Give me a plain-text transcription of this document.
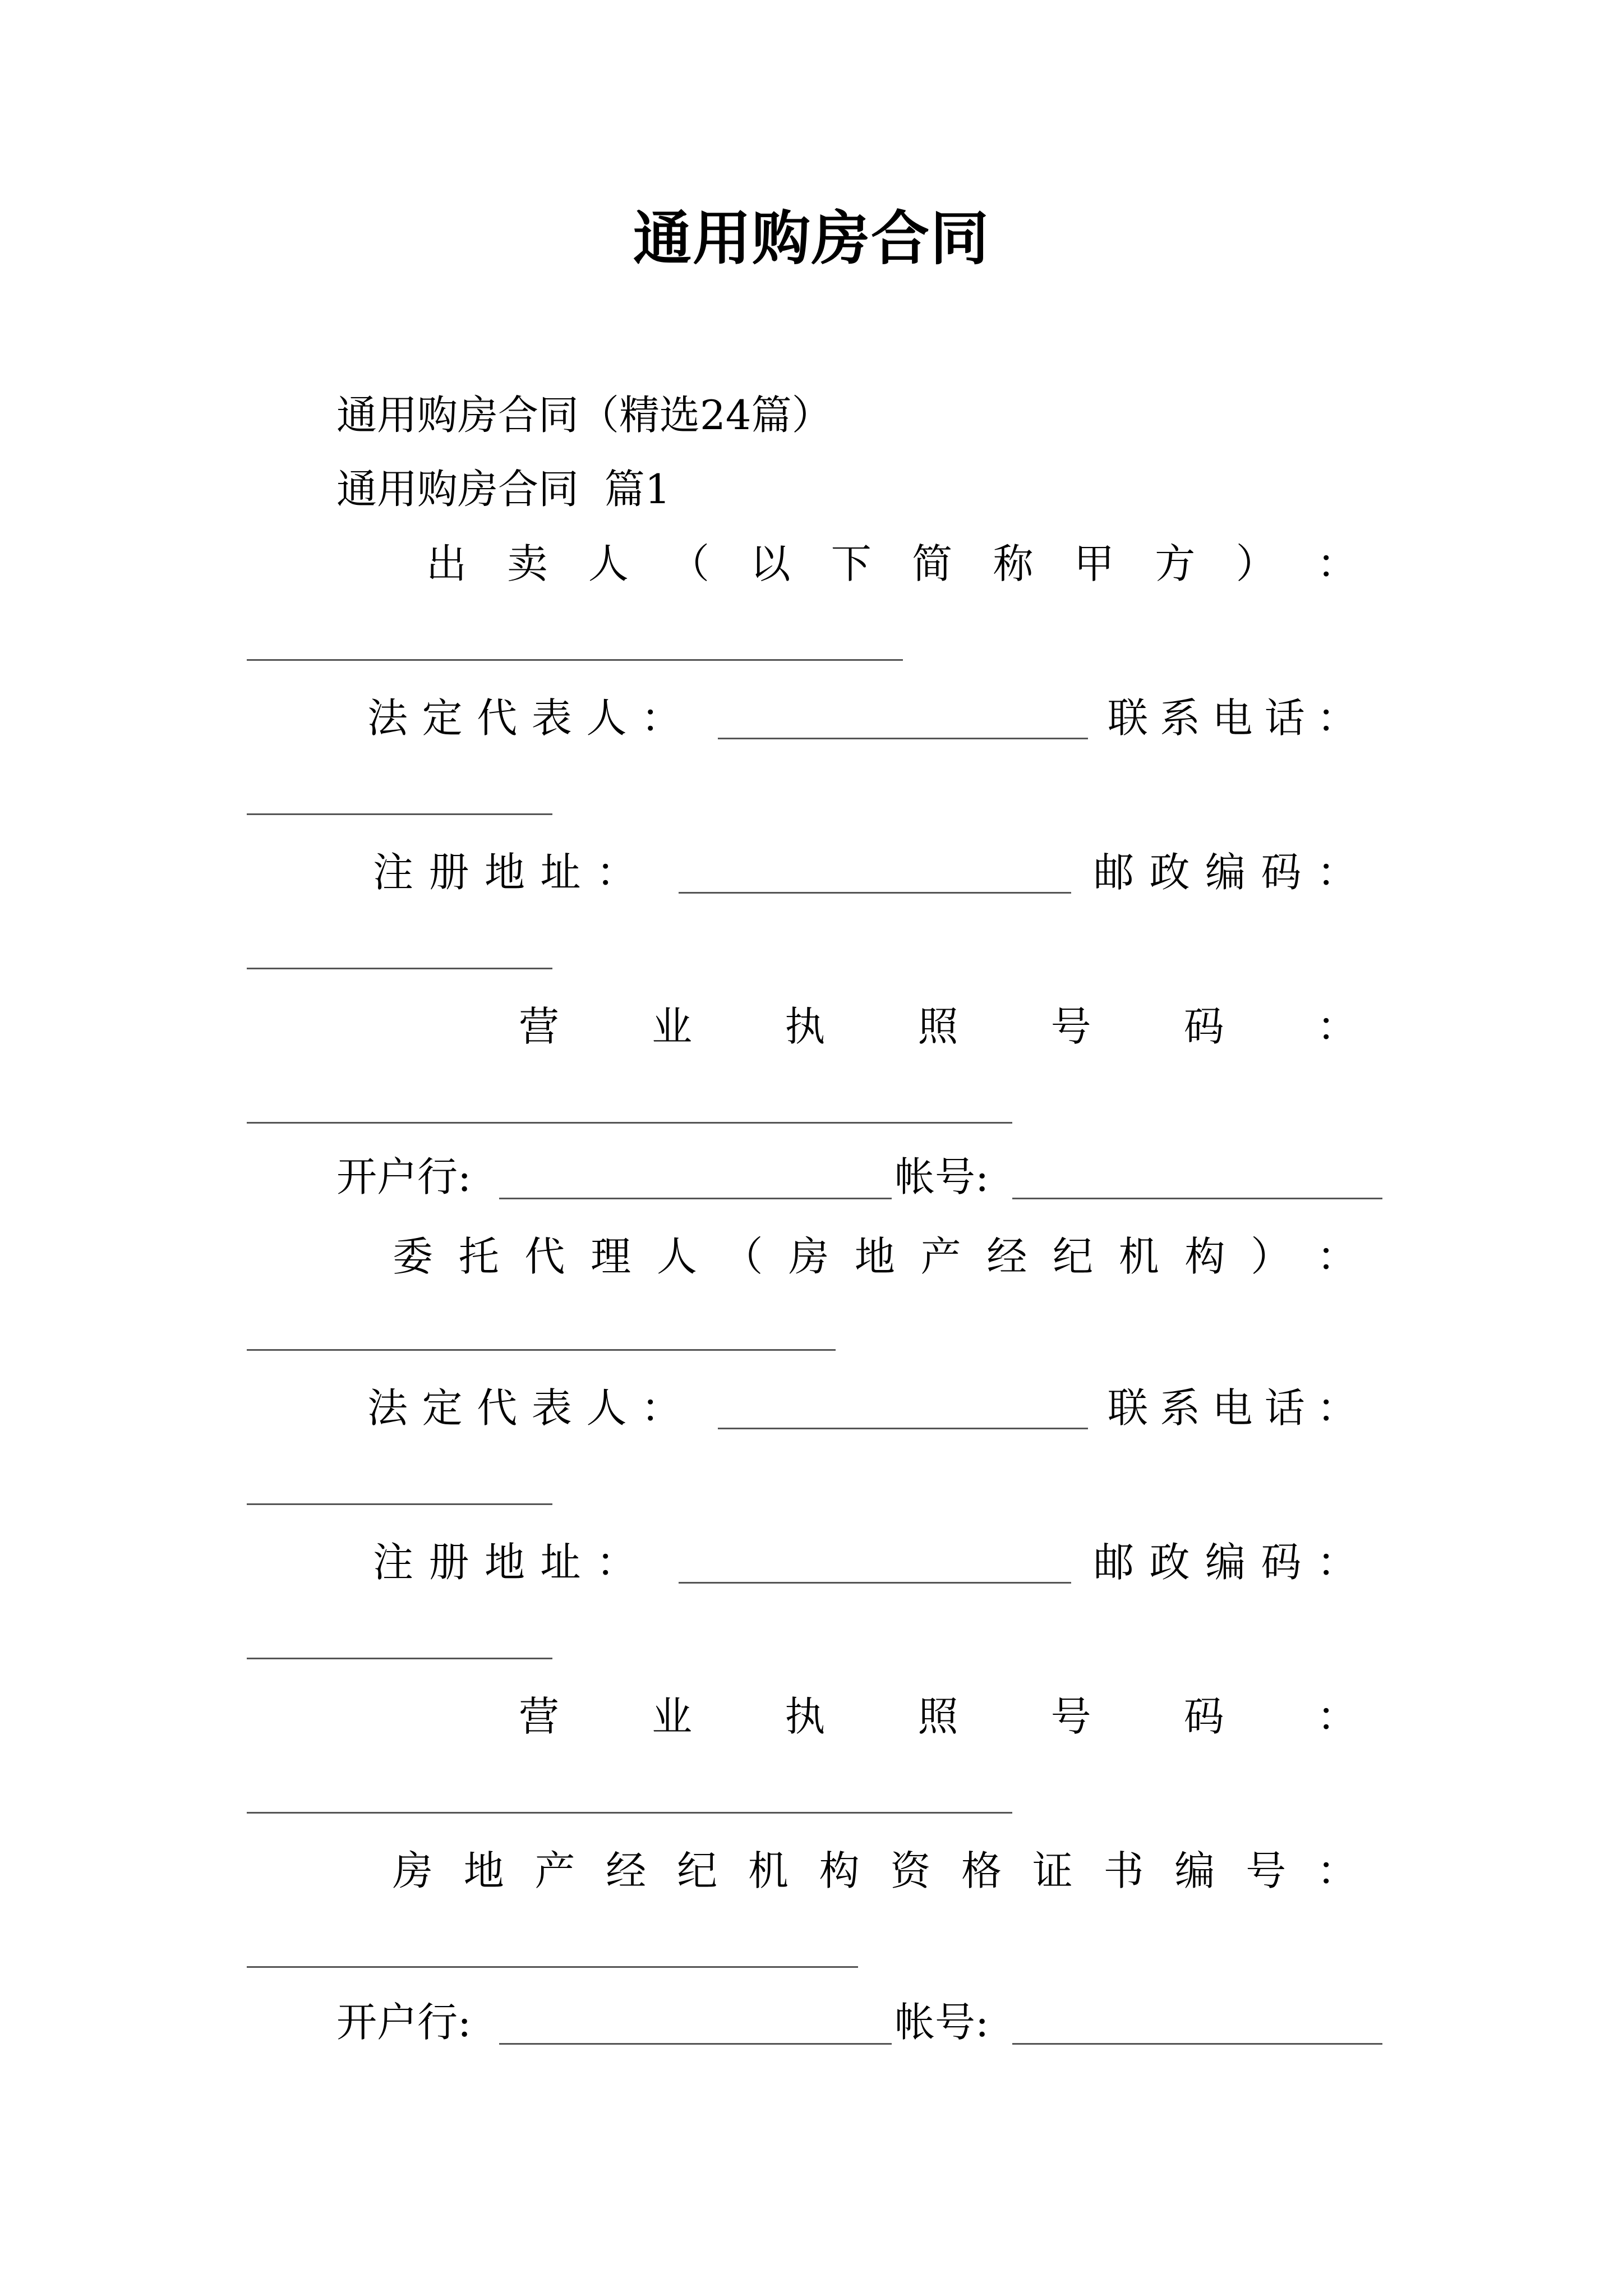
通用购房合同
通用购房合同（精选24篇）
通用购房合同  篇1
出 卖 人 （ 以 下 简 称 甲 方 ） ：
法 定 代 表 人 ：	联 系 电 话 ：
注 册 地 址 ：	邮 政 编 码 ：
营 业 执 照 号 码 ：
开户行:	帐号:
委 托 代 理 人 （ 房 地 产 经 纪 机 构 ） ：
法 定 代 表 人 ：	联 系 电 话 ：
注 册 地 址 ：	邮 政 编 码 ：
营 业 执 照 号 码 ：
房 地 产 经 纪 机 构 资 格 证 书 编 号 ：
开户行:	帐号:
